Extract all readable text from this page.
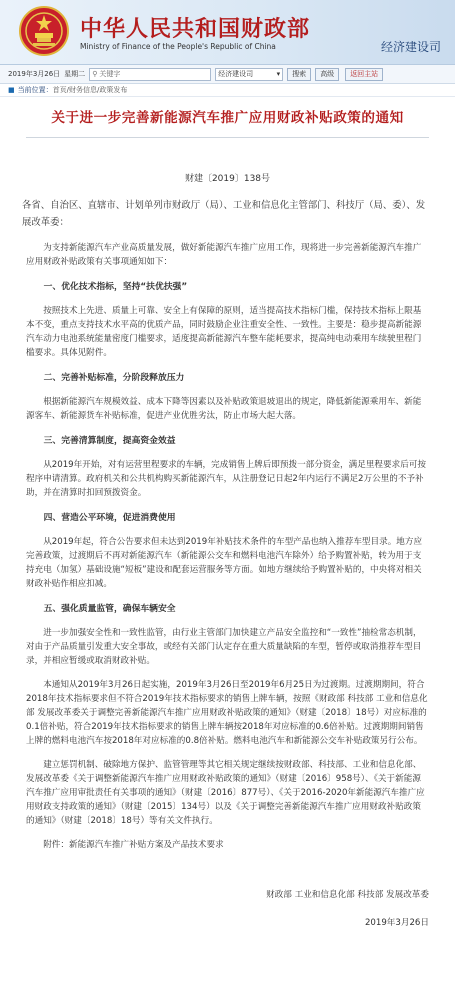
中华人民共和国财政部
Ministry of Finance of the People's Republic of China	经济建设司
2019年3月26日 星期二 ⚲ 关键字	经济建设司	▾	搜索	高级	返回主站
■ 当前位置： 首页/财务信息/政策发布
关于进一步完善新能源汽车推广应用财政补贴政策的通知
财建〔2019〕138号
各省、自治区、直辖市、计划单列市财政厅（局）、工业和信息化主管部门、科技厅（局、委）、发展改革委：

为支持新能源汽车产业高质量发展，做好新能源汽车推广应用工作，现将进一步完善新能源汽车推广应用财政补贴政策有关事项通知如下：

一、优化技术指标，坚持“扶优扶强”

按照技术上先进、质量上可靠、安全上有保障的原则，适当提高技术指标门槛，保持技术指标上限基本不变，重点支持技术水平高的优质产品，同时鼓励企业注重安全性、一致性。主要是：稳步提高新能源汽车动力电池系统能量密度门槛要求，适度提高新能源汽车整车能耗要求，提高纯电动乘用车续驶里程门槛要求。具体见附件。

二、完善补贴标准，分阶段释放压力

根据新能源汽车规模效益、成本下降等因素以及补贴政策退坡退出的规定，降低新能源乘用车、新能源客车、新能源货车补贴标准，促进产业优胜劣汰，防止市场大起大落。

三、完善清算制度，提高资金效益

从2019年开始，对有运营里程要求的车辆，完成销售上牌后即预拨一部分资金，满足里程要求后可按程序申请清算。政府机关和公共机构购买新能源汽车，从注册登记日起2年内运行不满足2万公里的不予补助，并在清算时扣回预拨资金。

四、营造公平环境，促进消费使用

从2019年起，符合公告要求但未达到2019年补贴技术条件的车型产品也纳入推荐车型目录。地方应完善政策，过渡期后不再对新能源汽车（新能源公交车和燃料电池汽车除外）给予购置补贴，转为用于支持充电（加氢）基础设施“短板”建设和配套运营服务等方面。如地方继续给予购置补贴的，中央将对相关财政补贴作相应扣减。

五、强化质量监管，确保车辆安全

进一步加强安全性和一致性监管，由行业主管部门加快建立产品安全监控和“一致性”抽检常态机制，对由于产品质量引发重大安全事故，或经有关部门认定存在重大质量缺陷的车型，暂停或取消推荐车型目录，并相应暂缓或取消财政补贴。

本通知从2019年3月26日起实施，2019年3月26日至2019年6月25日为过渡期。过渡期期间，符合2018年技术指标要求但不符合2019年技术指标要求的销售上牌车辆，按照《财政部 科技部 工业和信息化部 发展改革委关于调整完善新能源汽车推广应用财政补贴政策的通知》（财建〔2018〕18号）对应标准的0.1倍补贴，符合2019年技术指标要求的销售上牌车辆按2018年对应标准的0.6倍补贴。过渡期期间销售上牌的燃料电池汽车按2018年对应标准的0.8倍补贴。燃料电池汽车和新能源公交车补贴政策另行公布。

建立惩罚机制、破除地方保护、监管管理等其它相关规定继续按财政部、科技部、工业和信息化部、发展改革委《关于调整新能源汽车推广应用财政补贴政策的通知》（财建〔2016〕958号）、《关于新能源汽车推广应用审批责任有关事项的通知》（财建〔2016〕877号）、《关于2016-2020年新能源汽车推广应用财政支持政策的通知》（财建〔2015〕134号）以及《关于调整完善新能源汽车推广应用财政补贴政策的通知》（财建〔2018〕18号）等有关文件执行。

附件：新能源汽车推广补贴方案及产品技术要求

财政部 工业和信息化部 科技部 发展改革委
2019年3月26日
